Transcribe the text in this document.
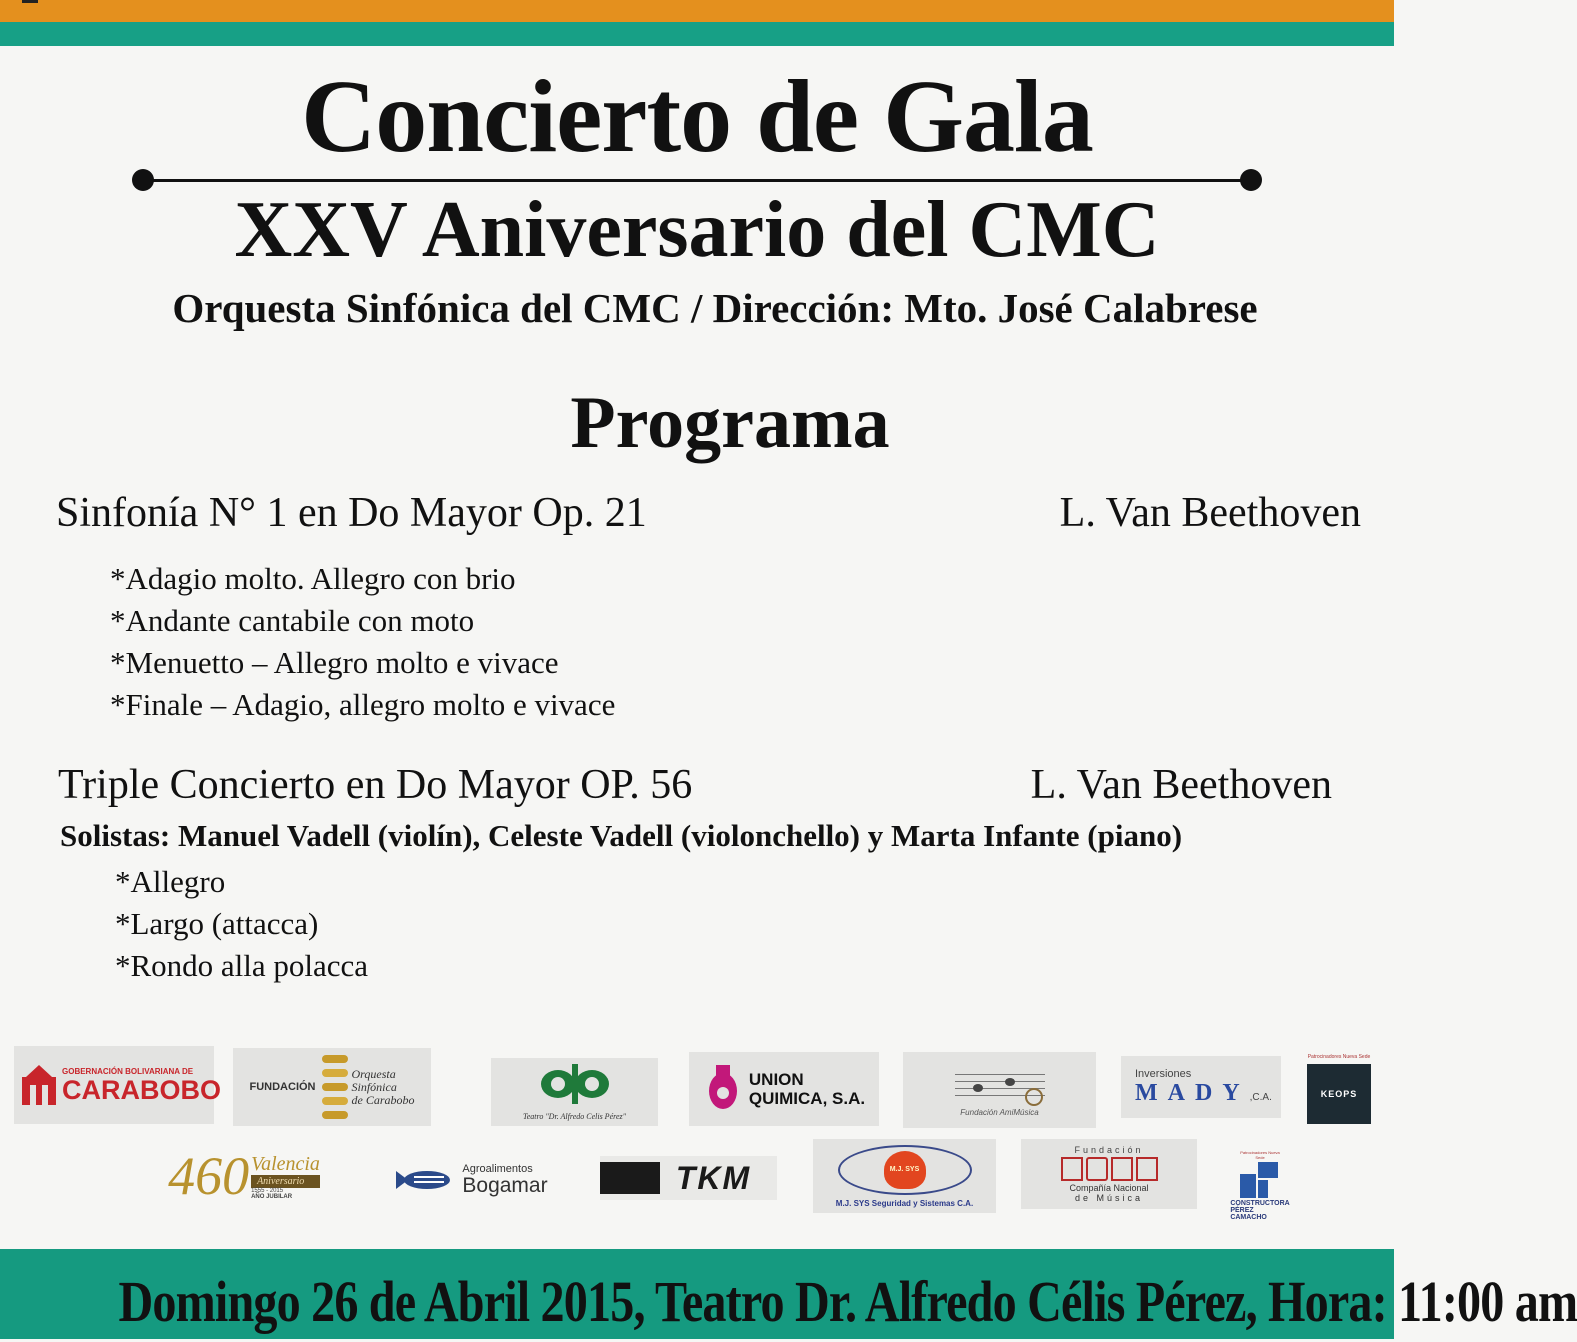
Concierto de Gala
XXV Aniversario del CMC
Orquesta Sinfónica del CMC / Dirección: Mto. José Calabrese
Programa
Sinfonía N° 1 en Do Mayor Op. 21	L. Van Beethoven
*Adagio molto. Allegro con brio
*Andante cantabile con moto
*Menuetto – Allegro molto e vivace
*Finale – Adagio, allegro molto e vivace
Triple Concierto en Do Mayor OP. 56	L. Van Beethoven
Solistas: Manuel Vadell (violín), Celeste Vadell (violonchello) y Marta Infante (piano)
*Allegro
*Largo (attacca)
*Rondo alla polacca
GOBERNACIÓN BOLIVARIANA DE
CARABOBO	FUNDACIÓN
Orquesta
Sinfónica
de Carabobo
Teatro "Dr. Alfredo Celis Pérez"
UNION
QUIMICA, S.A.
Fundación AmiMúsica
Inversiones
MADY ,C.A.
Patrocinadores Nueva Sede
KEOPS
460 Valencia
Aniversario
1555 - 2015
AÑO JUBILAR
Agroalimentos
Bogamar	TKM	M.J. SYS
M.J. SYS Seguridad y Sistemas C.A.
Fundación
Compañía Nacional
de Música
Patrocinadores Nueva Sede
CONSTRUCTORA
PÉREZ
CAMACHO
Domingo 26 de Abril 2015, Teatro Dr. Alfredo Célis Pérez, Hora: 11:00 am
